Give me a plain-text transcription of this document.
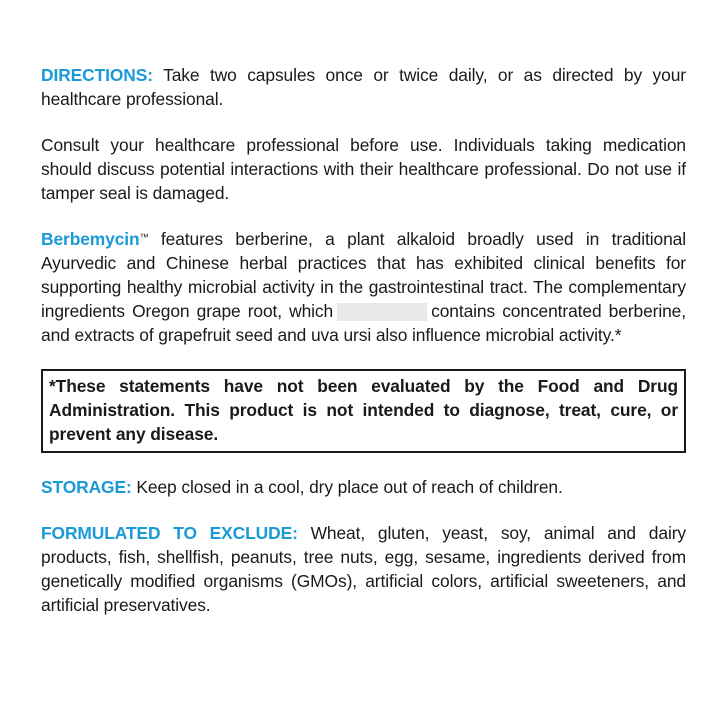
DIRECTIONS: Take two capsules once or twice daily, or as directed by your healthcare professional.

Consult your healthcare professional before use. Individuals taking medication should discuss potential interactions with their healthcare professional. Do not use if tamper seal is damaged.

Berbemycin™ features berberine, a plant alkaloid broadly used in traditional Ayurvedic and Chinese herbal practices that has exhibited clinical benefits for supporting healthy microbial activity in the gastrointestinal tract. The complementary ingredients Oregon grape root, which	contains concentrated berberine, and extracts of grapefruit seed and uva ursi also influence microbial activity.*

*These statements have not been evaluated by the Food and Drug Administration. This product is not intended to diagnose, treat, cure, or prevent any disease.

STORAGE: Keep closed in a cool, dry place out of reach of children.

FORMULATED TO EXCLUDE: Wheat, gluten, yeast, soy, animal and dairy products, fish, shellfish, peanuts, tree nuts, egg, sesame, ingredients derived from genetically modified organisms (GMOs), artificial colors, artificial sweeteners, and artificial preservatives.
